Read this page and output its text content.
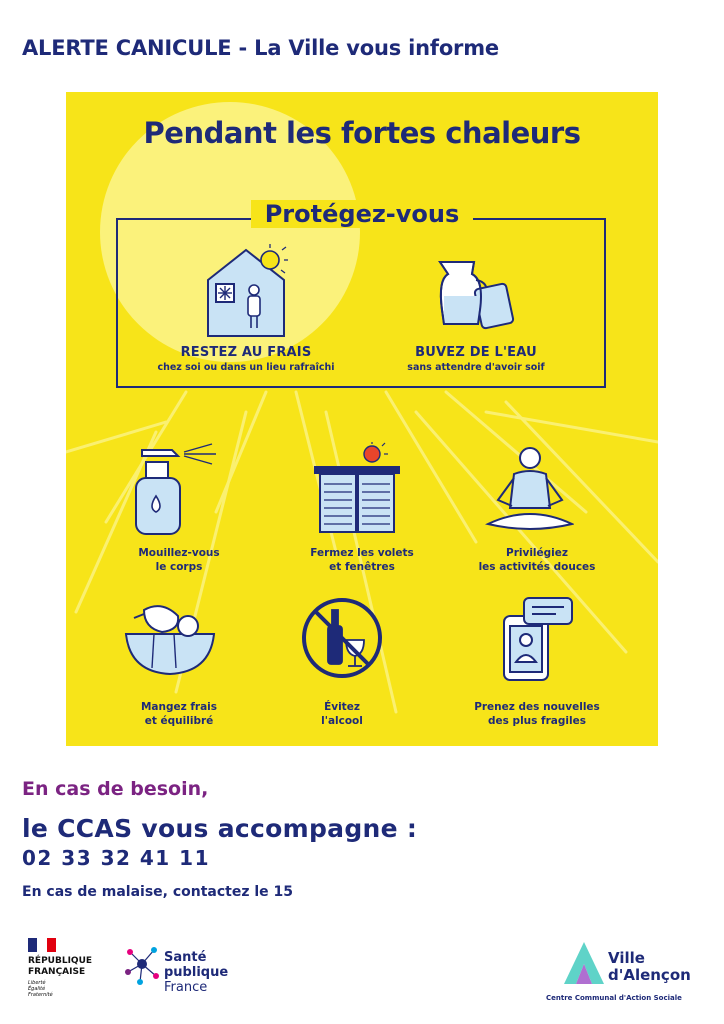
ALERTE CANICULE - La Ville vous informe
Pendant les fortes chaleurs
Protégez-vous
RESTEZ AU FRAIS
chez soi ou dans un lieu rafraîchi
BUVEZ DE L'EAU
sans attendre d'avoir soif
Mouillez-vous
le corps
Fermez les volets
et fenêtres
Privilégiez
les activités douces
Mangez frais
et équilibré
Évitez
l'alcool
Prenez des nouvelles
des plus fragiles
En cas de besoin,
le CCAS vous accompagne :
02 33 32 41 11
En cas de malaise, contactez le 15
RÉPUBLIQUE
FRANÇAISE
Liberté
Égalité
Fraternité
Santé
publique
France
Ville
d'Alençon
Centre Communal d'Action Sociale
